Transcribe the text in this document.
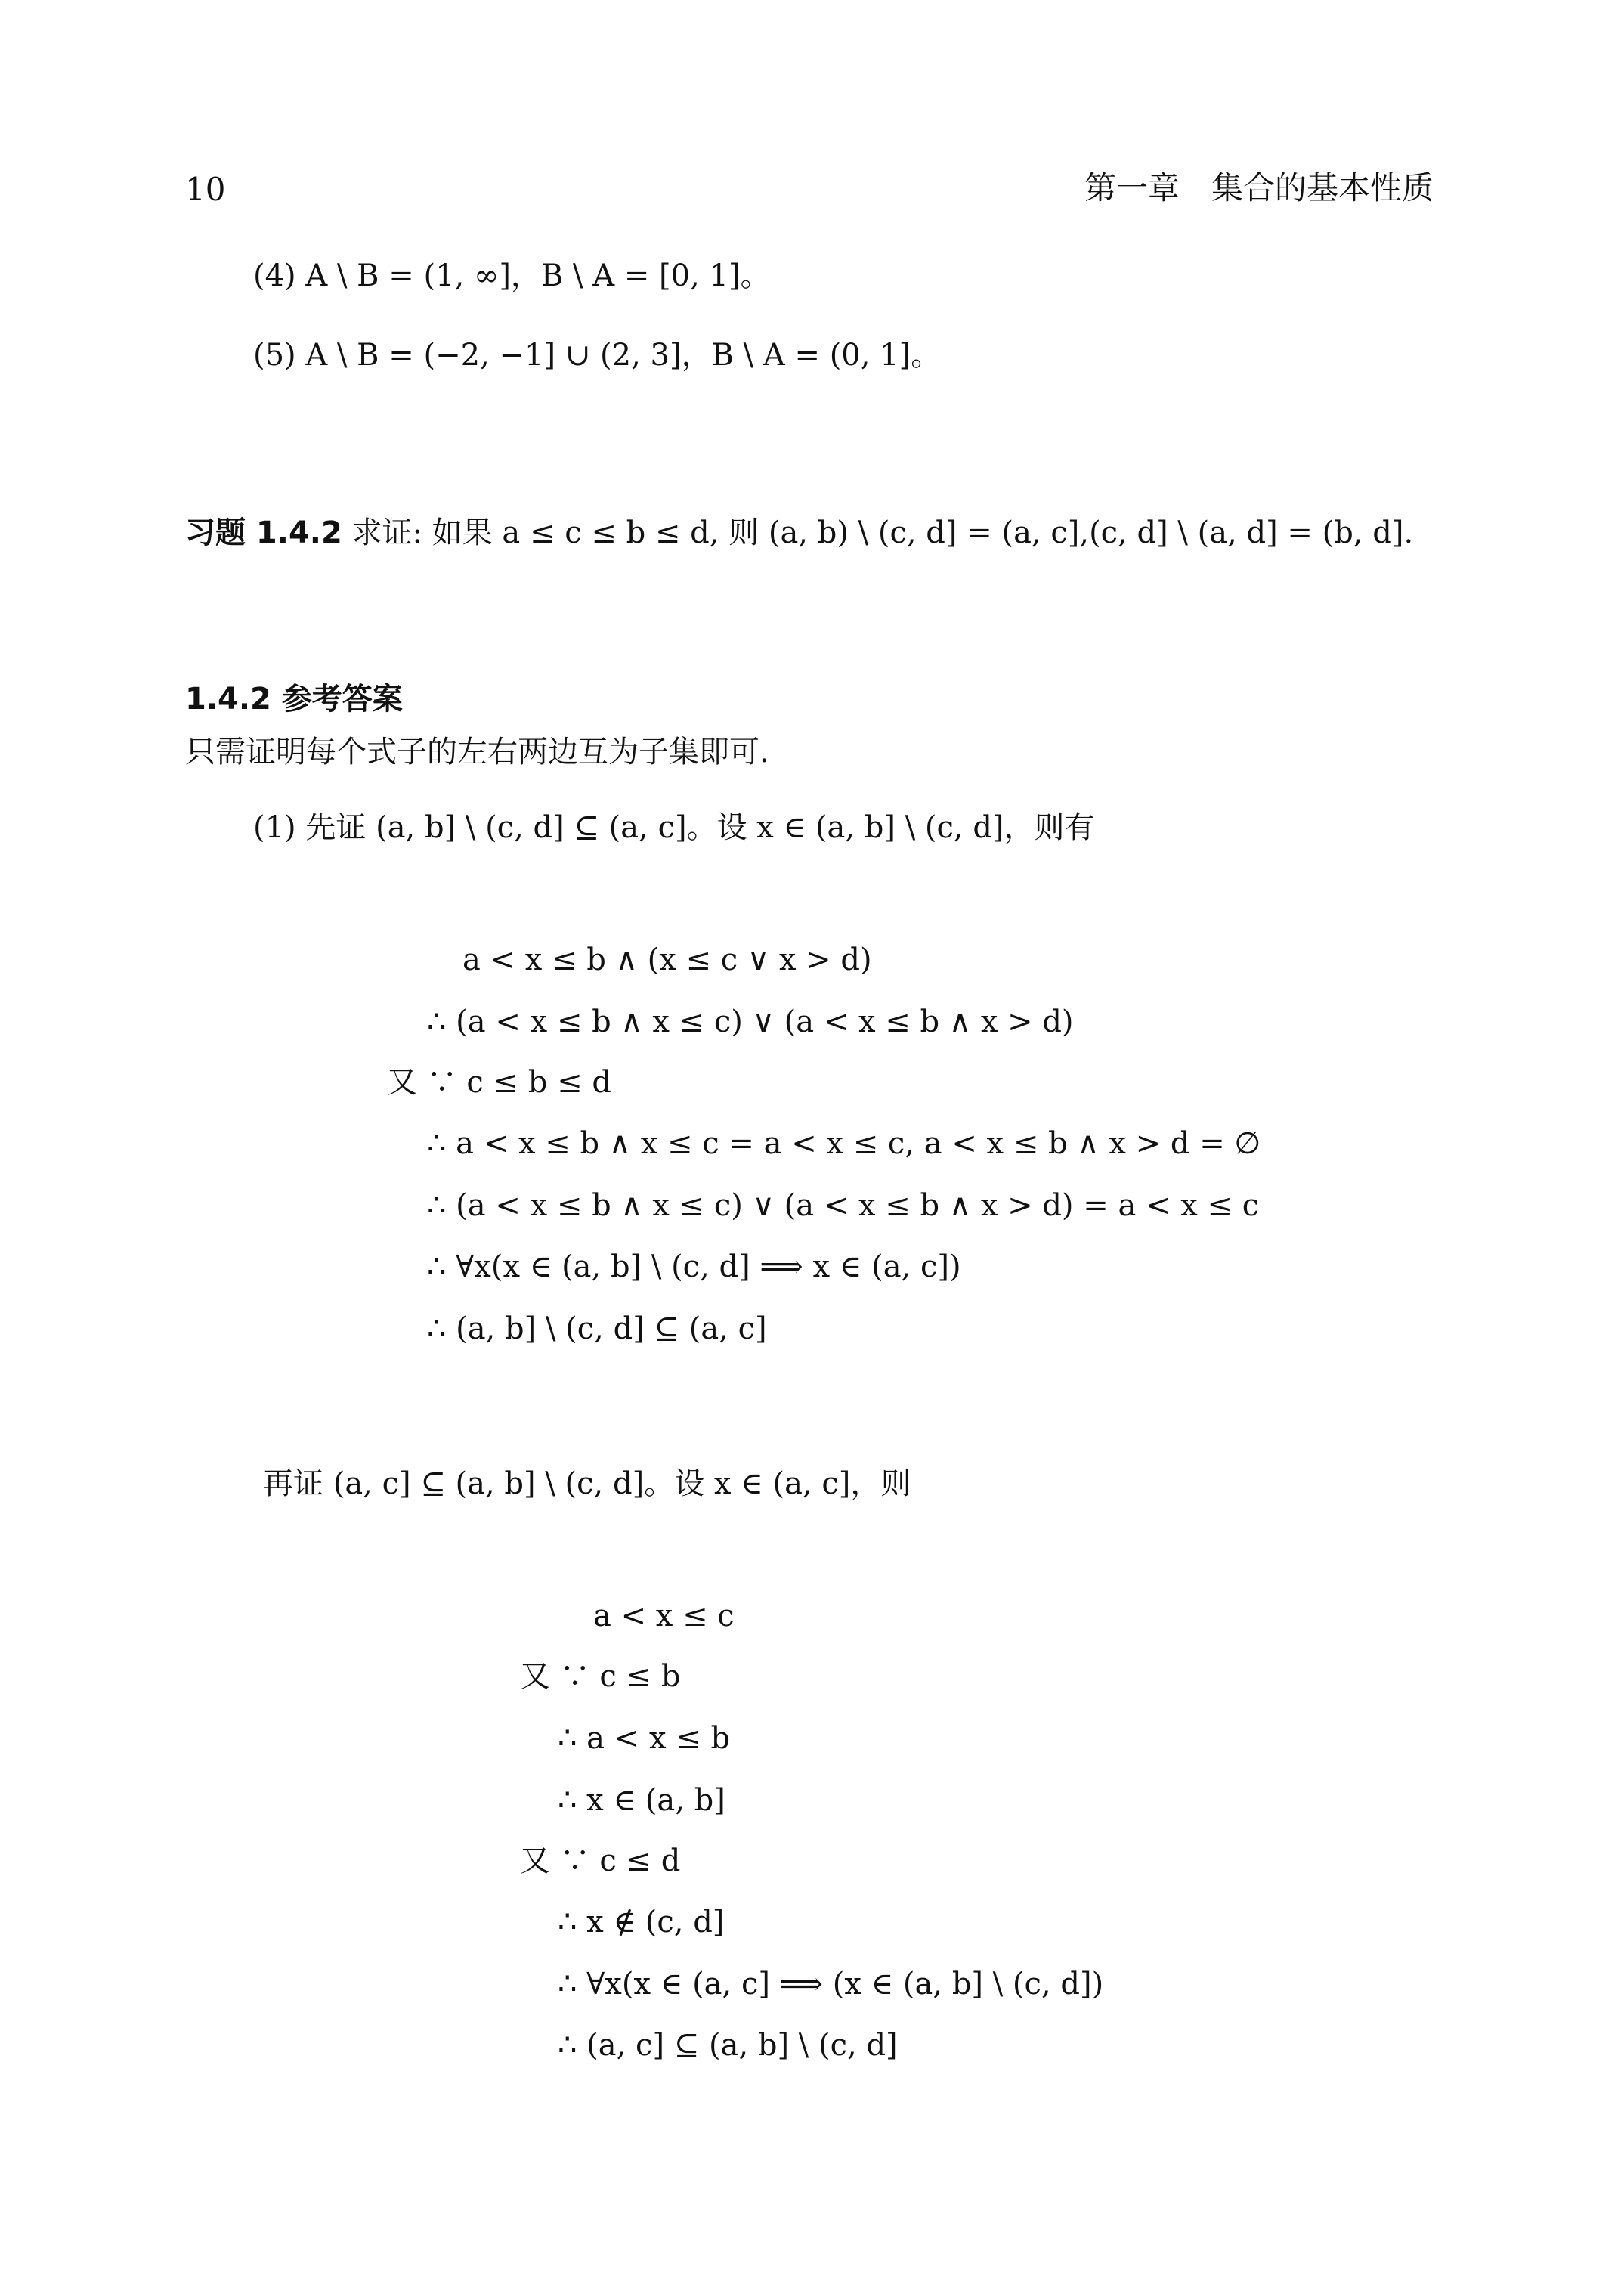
10	第一章　集合的基本性质
(4) A \ B = (1, ∞]，B \ A = [0, 1]。
(5) A \ B = (−2, −1] ∪ (2, 3]，B \ A = (0, 1]。
习题 1.4.2 求证: 如果 a ≤ c ≤ b ≤ d, 则 (a, b) \ (c, d] = (a, c],(c, d] \ (a, d] = (b, d].
1.4.2 参考答案
只需证明每个式子的左右两边互为子集即可.
(1) 先证 (a, b] \ (c, d] ⊆ (a, c]。设 x ∈ (a, b] \ (c, d]，则有
a < x ≤ b ∧ (x ≤ c ∨ x > d)
∴ (a < x ≤ b ∧ x ≤ c) ∨ (a < x ≤ b ∧ x > d)
又 ∵ c ≤ b ≤ d
∴ a < x ≤ b ∧ x ≤ c = a < x ≤ c, a < x ≤ b ∧ x > d = ∅
∴ (a < x ≤ b ∧ x ≤ c) ∨ (a < x ≤ b ∧ x > d) = a < x ≤ c
∴ ∀x(x ∈ (a, b] \ (c, d] ⟹ x ∈ (a, c])
∴ (a, b] \ (c, d] ⊆ (a, c]
再证 (a, c] ⊆ (a, b] \ (c, d]。设 x ∈ (a, c]，则
a < x ≤ c
又 ∵ c ≤ b
∴ a < x ≤ b
∴ x ∈ (a, b]
又 ∵ c ≤ d
∴ x ∉ (c, d]
∴ ∀x(x ∈ (a, c] ⟹ (x ∈ (a, b] \ (c, d])
∴ (a, c] ⊆ (a, b] \ (c, d]
